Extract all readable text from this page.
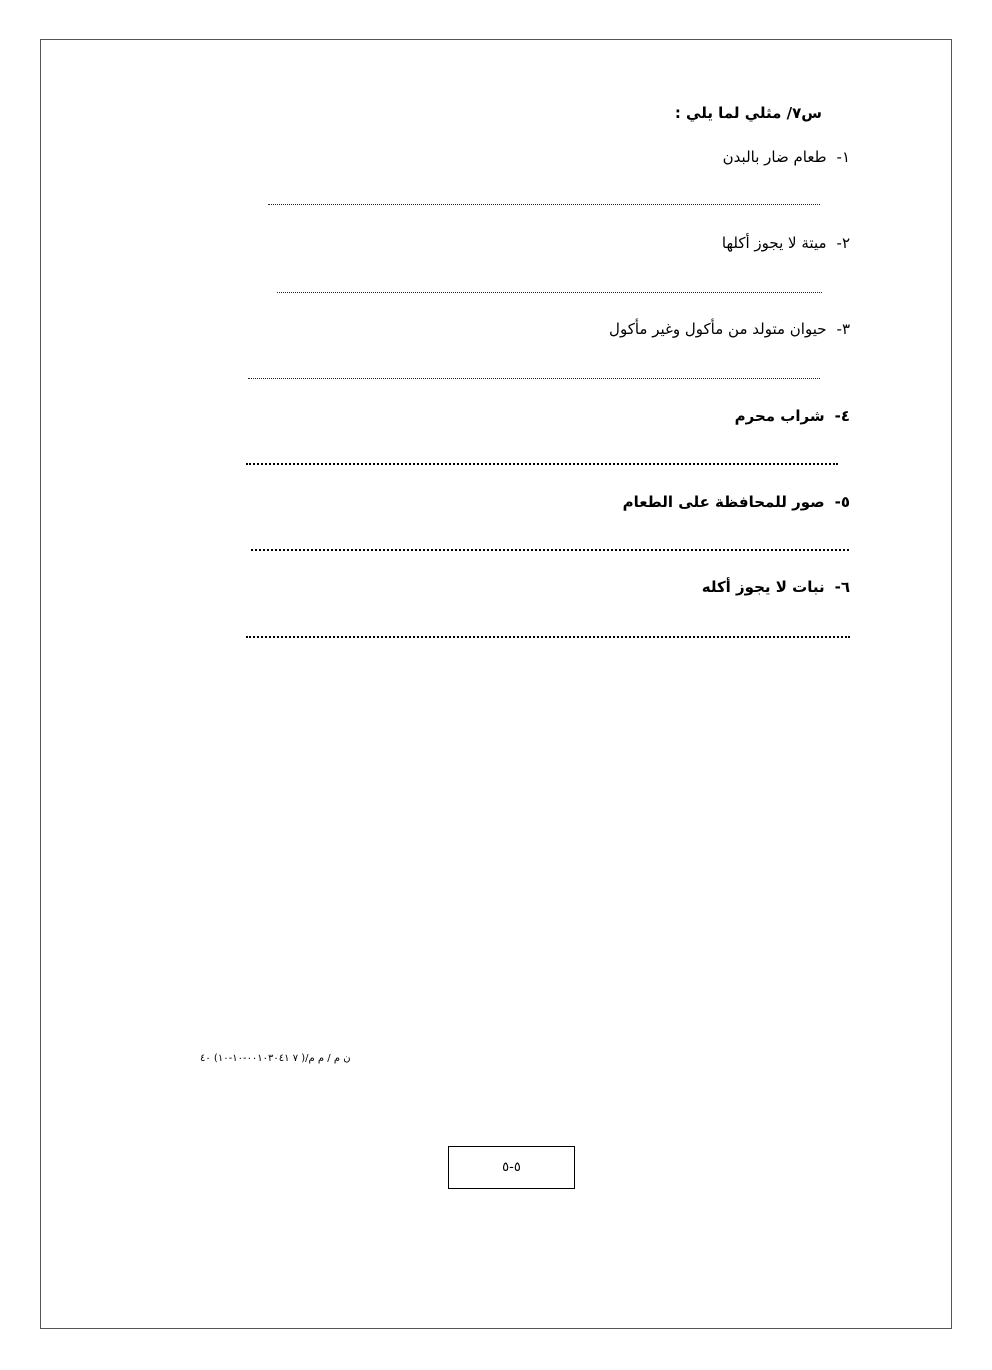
س٧/ مثلي لما يلي :
١-
طعام ضار بالبدن
٢-
ميتة لا يجوز أكلها
٣-
حيوان متولد من مأكول وغير مأكول
٤-
شراب محرم
٥-
صور للمحافظة على الطعام
٦-
نبات لا يجوز أكله
ن م / م م/( ٧ ٠٠١٠٣٠٤١-١٠-١٠) ٤٠
٥-٥
